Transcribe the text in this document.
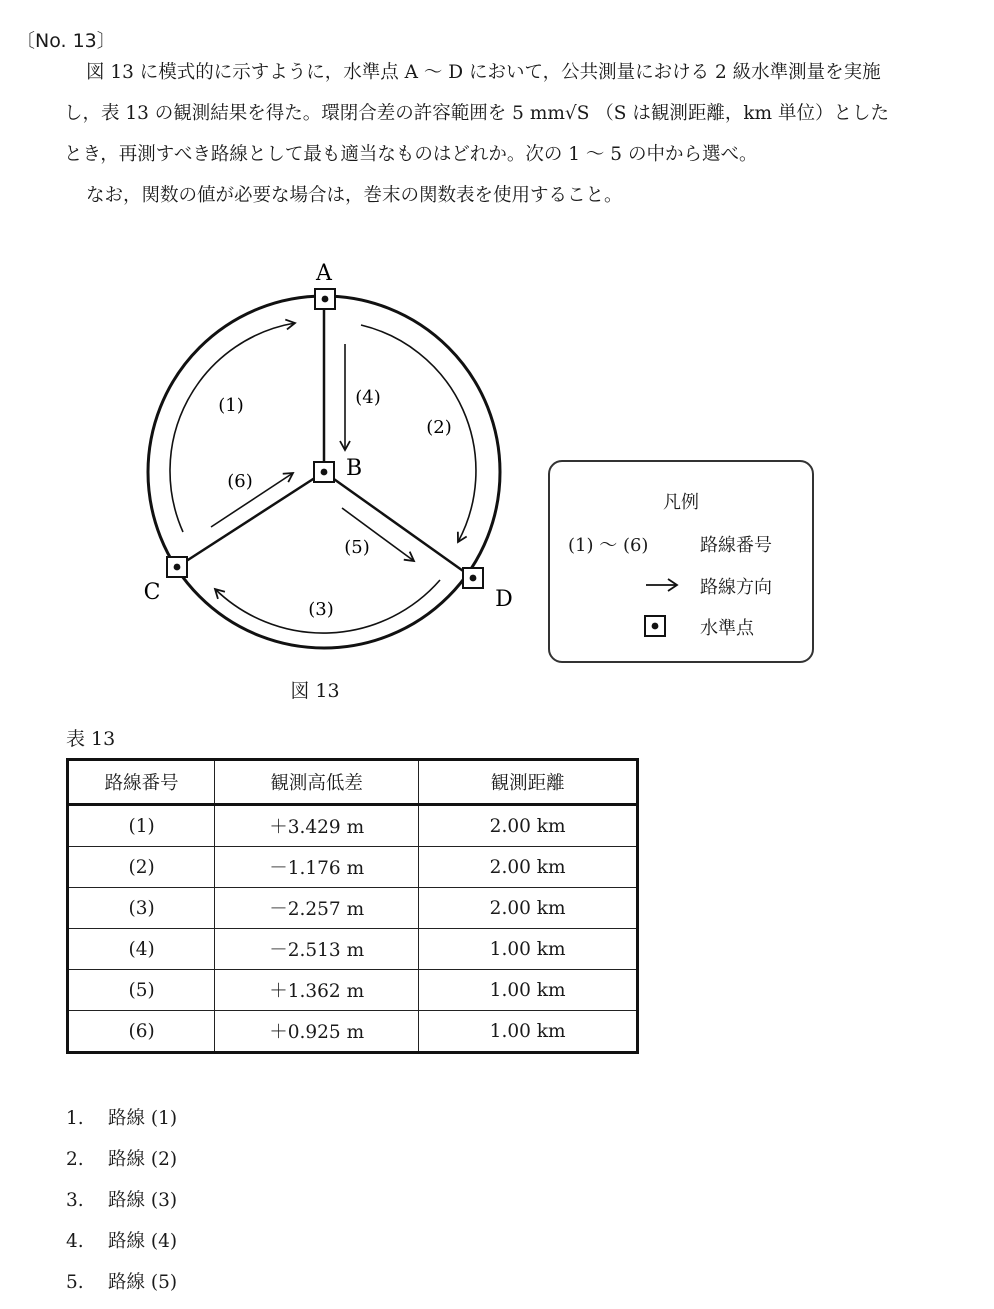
〔No. 13〕

図 13 に模式的に示すように，水準点 A ～ D において，公共測量における 2 級水準測量を実施

し，表 13 の観測結果を得た。環閉合差の許容範囲を 5 mm√S （S は観測距離，km 単位）とした

とき，再測すべき路線として最も適当なものはどれか。次の 1 ～ 5 の中から選べ。

なお，関数の値が必要な場合は，巻末の関数表を使用すること。

A
B
C	D
(1)
(2)
(3)
(4)
(5)
(6)
図 13
凡例
(1) ～ (6)	路線番号
路線方向
水準点
表 13
路線番号	観測高低差	観測距離
(1)	＋3.429 m	2.00 km
(2)	－1.176 m	2.00 km
(3)	－2.257 m	2.00 km
(4)	－2.513 m	1.00 km
(5)	＋1.362 m	1.00 km
(6)	＋0.925 m	1.00 km
1. 路線 (1)
2. 路線 (2)
3. 路線 (3)
4. 路線 (4)
5. 路線 (5)
